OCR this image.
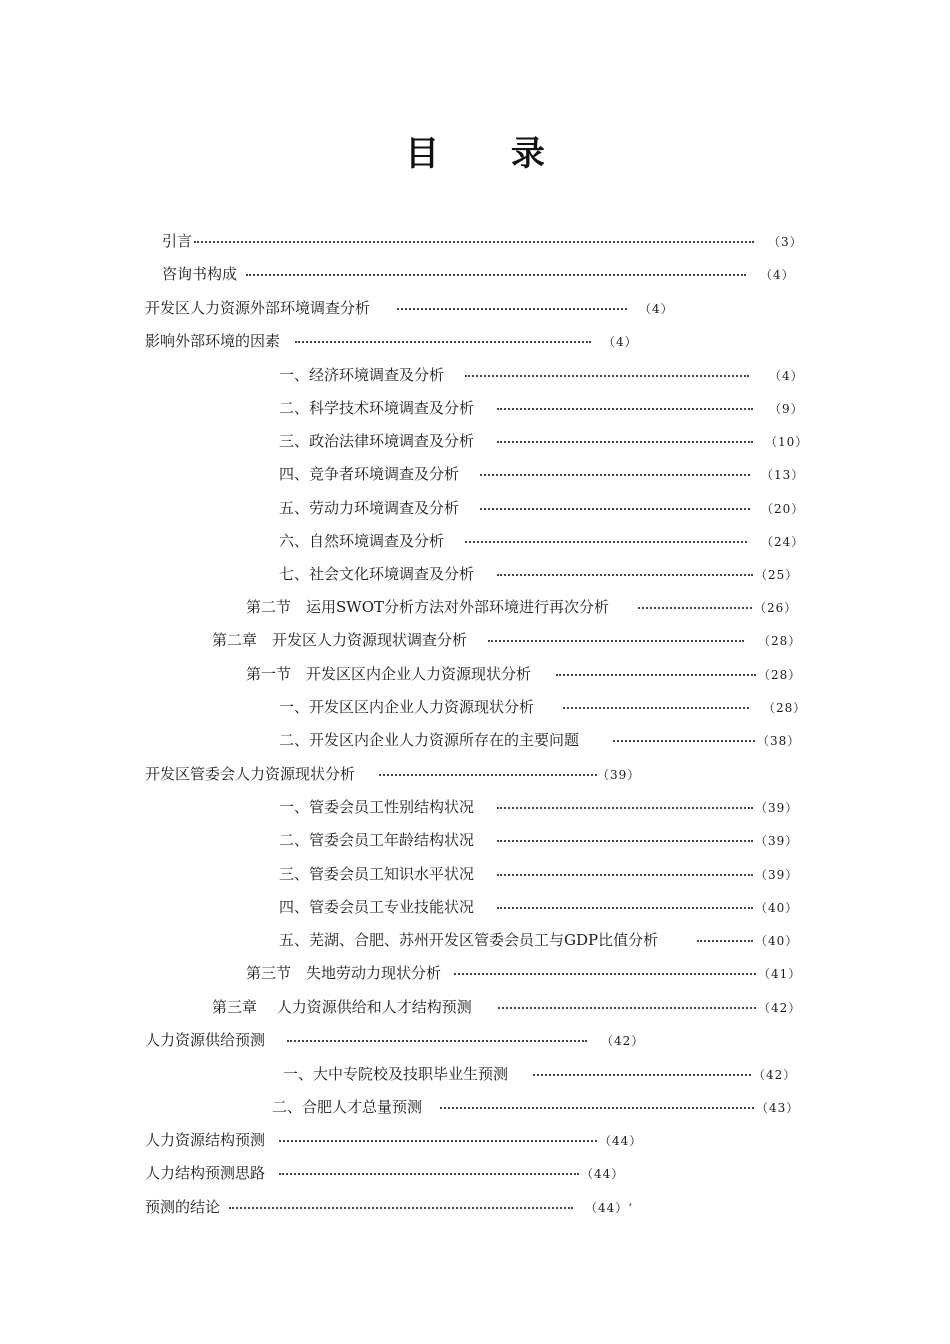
目 录
引言	（3）
咨询书构成	（4）
开发区人力资源外部环境调查分析	（4）
影响外部环境的因素	（4）
一、经济环境调查及分析	（4）
二、科学技术环境调查及分析	（9）
三、政治法律环境调查及分析	（10）
四、竞争者环境调查及分析	（13）
五、劳动力环境调查及分析	（20）
六、自然环境调查及分析	（24）
七、社会文化环境调查及分析	（25）
第二节　运用SWOT分析方法对外部环境进行再次分析	（26）
第二章　开发区人力资源现状调查分析	（28）
第一节　开发区区内企业人力资源现状分析	（28）
一、开发区区内企业人力资源现状分析	（28）
二、开发区内企业人力资源所存在的主要问题	（38）
开发区管委会人力资源现状分析	（39）
一、管委会员工性别结构状况	（39）
二、管委会员工年龄结构状况	（39）
三、管委会员工知识水平状况	（39）
四、管委会员工专业技能状况	（40）
五、芜湖、合肥、苏州开发区管委会员工与GDP比值分析	（40）
第三节　失地劳动力现状分析	（41）
第三章　 人力资源供给和人才结构预测	（42）
人力资源供给预测	（42）
一、大中专院校及技职毕业生预测	（42）
二、合肥人才总量预测	（43）
人力资源结构预测	（44）
人力结构预测思路	（44）
预测的结论	（44）‘
